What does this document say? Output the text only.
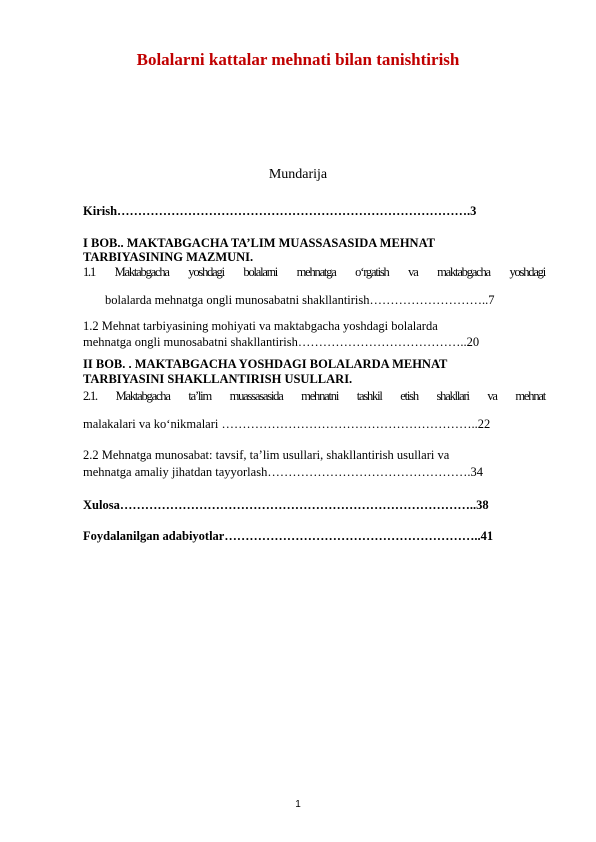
Bolalarni kattalar mehnati bilan tanishtirish
Mundarija
Kirish………………………………………………………………………….3
I BOB.. MAKTABGACHA TA’LIM MUASSASASIDA MEHNAT
TARBIYASINING MAZMUNI.
1.1 Maktabgacha yoshdagi bolalarni mehnatga o‘rgatish va maktabgacha yoshdagi
bolalarda mehnatga ongli munosabatni shakllantirish………………………..7
1.2 Mehnat tarbiyasining mohiyati va maktabgacha yoshdagi bolalarda
mehnatga ongli munosabatni shakllantirish…………………………………..20
II BOB. . MAKTABGACHA YOSHDAGI BOLALARDA MEHNAT
TARBIYASINI SHAKLLANTIRISH USULLARI.
2.1. Maktabgacha ta’lim muassasasida mehnatni tashkil etish shakllari va mehnat
malakalari va ko‘nikmalari ……………………………………………………..22
2.2 Mehnatga munosabat: tavsif, ta’lim usullari, shakllantirish usullari va
mehnatga amaliy jihatdan tayyorlash………………………………………….34
Xulosa…………………………………………………………………………..38
Foydalanilgan adabiyotlar……………………………………………………..41
1
